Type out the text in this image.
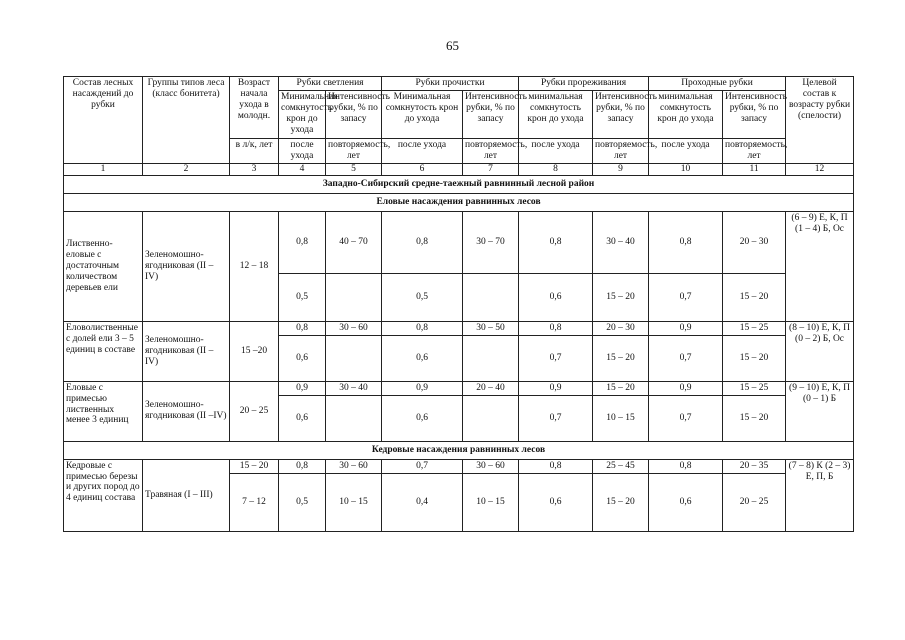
65
Состав лесных насаждений до рубки	Группы типов леса (класс бонитета)	Возраст начала ухода в молодн.	Рубки светления		Рубки прочистки		Рубки прореживания		Проходные рубки		Целевой состав к возрасту рубки (спелости)
			Минимальная сомкнутость крон до ухода	Интенсивность рубки, % по запасу	Минимальная сомкнутость крон до ухода	Интенсивность рубки, % по запасу	минимальная сомкнутость крон до ухода	Интенсивность рубки, % по запасу	минимальная сомкнутость крон до ухода	Интенсивность рубки, % по запасу	
		в л/к, лет	после ухода	повторяемость, лет	после ухода	повторяемость, лет	после ухода	повторяемость, лет	после ухода	повторяемость, лет	
1	2	3	4	5	6	7	8	9	10	11	12
Западно-Сибирский средне-таежный равнинный лесной район											
Еловые насаждения равнинных лесов											
Лиственно-еловые с достаточным количеством деревьев ели	Зеленомошно-ягодниковая (II – IV)	12 – 18	0,8	40 – 70	0,8	30 – 70	0,8	30 – 40	0,8	20 – 30	(6 – 9) Е, К, П (1 – 4) Б, Ос
			0,5		0,5		0,6	15 – 20	0,7	15 – 20	
Еловолиственные с долей ели 3 – 5 единиц в составе	Зеленомошно-ягодниковая (II – IV)	15 –20	0,8	30 – 60	0,8	30 – 50	0,8	20 – 30	0,9	15 – 25	(8 – 10) Е, К, П (0 – 2) Б, Ос
			0,6		0,6		0,7	15 – 20	0,7	15 – 20	
Еловые с примесью лиственных менее 3 единиц	Зеленомошно-ягодниковая (II –IV)	20 – 25	0,9	30 – 40	0,9	20 – 40	0,9	15 – 20	0,9	15 – 25	(9 – 10) Е, К, П (0 – 1) Б
			0,6		0,6		0,7	10 – 15	0,7	15 – 20	
Кедровые насаждения равнинных лесов											
Кедровые с примесью березы и других пород до 4 единиц состава	Травяная (I – III)	15 – 20	0,8	30 – 60	0,7	30 – 60	0,8	25 – 45	0,8	20 – 35	(7 – 8) К (2 – 3) Е, П, Б
		7 – 12	0,5	10 – 15	0,4	10 – 15	0,6	15 – 20	0,6	20 – 25	
